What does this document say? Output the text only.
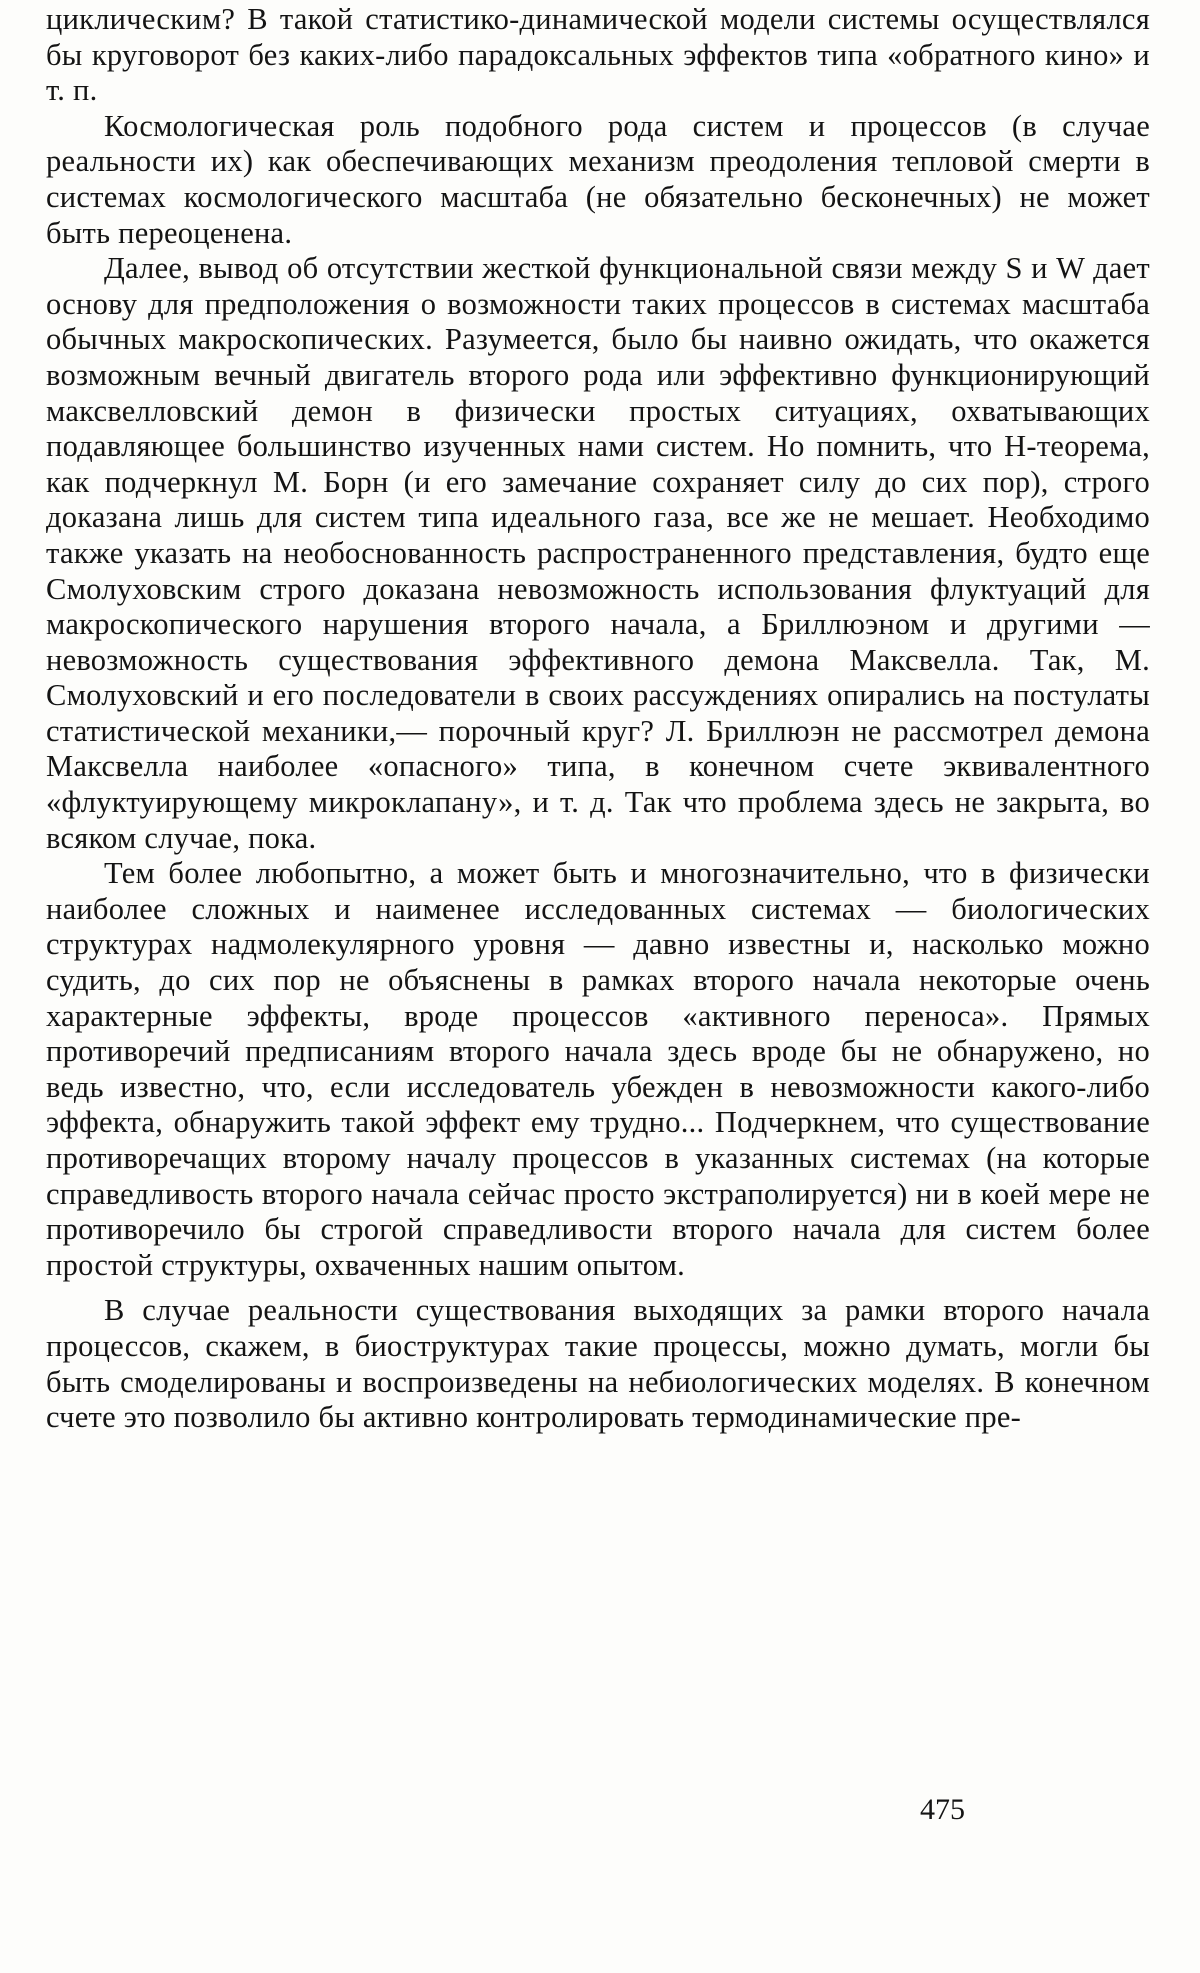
циклическим? В такой статистико-динамической модели системы осуществлялся бы круговорот без каких-либо парадоксальных эффектов типа «обратного кино» и т. п.

Космологическая роль подобного рода систем и процессов (в случае реальности их) как обеспечивающих механизм преодоления тепловой смерти в системах космологического масштаба (не обязательно бесконечных) не может быть переоценена.

Далее, вывод об отсутствии жесткой функциональной связи между S и W дает основу для предположения о возможности таких процессов в системах масштаба обычных макроскопических. Разумеется, было бы наивно ожидать, что окажется возможным вечный двигатель второго рода или эффективно функционирующий максвелловский демон в физически простых ситуациях, охватывающих подавляющее большинство изученных нами систем. Но помнить, что H-теорема, как подчеркнул М. Борн (и его замечание сохраняет силу до сих пор), строго доказана лишь для систем типа идеального газа, все же не мешает. Необходимо также указать на необоснованность распространенного представления, будто еще Смолуховским строго доказана невозможность использования флуктуаций для макроскопического нарушения второго начала, а Бриллюэном и другими — невозможность существования эффективного демона Максвелла. Так, М. Смолуховский и его последователи в своих рассуждениях опирались на постулаты статистической механики,— порочный круг? Л. Бриллюэн не рассмотрел демона Максвелла наиболее «опасного» типа, в конечном счете эквивалентного «флуктуирующему микроклапану», и т. д. Так что проблема здесь не закрыта, во всяком случае, пока.

Тем более любопытно, а может быть и многозначительно, что в физически наиболее сложных и наименее исследованных системах — биологических структурах надмолекулярного уровня — давно известны и, насколько можно судить, до сих пор не объяснены в рамках второго начала некоторые очень характерные эффекты, вроде процессов «активного переноса». Прямых противоречий предписаниям второго начала здесь вроде бы не обнаружено, но ведь известно, что, если исследователь убежден в невозможности какого-либо эффекта, обнаружить такой эффект ему трудно... Подчеркнем, что существование противоречащих второму началу процессов в указанных системах (на которые справедливость второго начала сейчас просто экстраполируется) ни в коей мере не противоречило бы строгой справедливости второго начала для систем более простой структуры, охваченных нашим опытом.

В случае реальности существования выходящих за рамки второго начала процессов, скажем, в биоструктурах такие процессы, можно думать, могли бы быть смоделированы и воспроизведены на небиологических моделях. В конечном счете это позволило бы активно контролировать термодинамические пре-

475
